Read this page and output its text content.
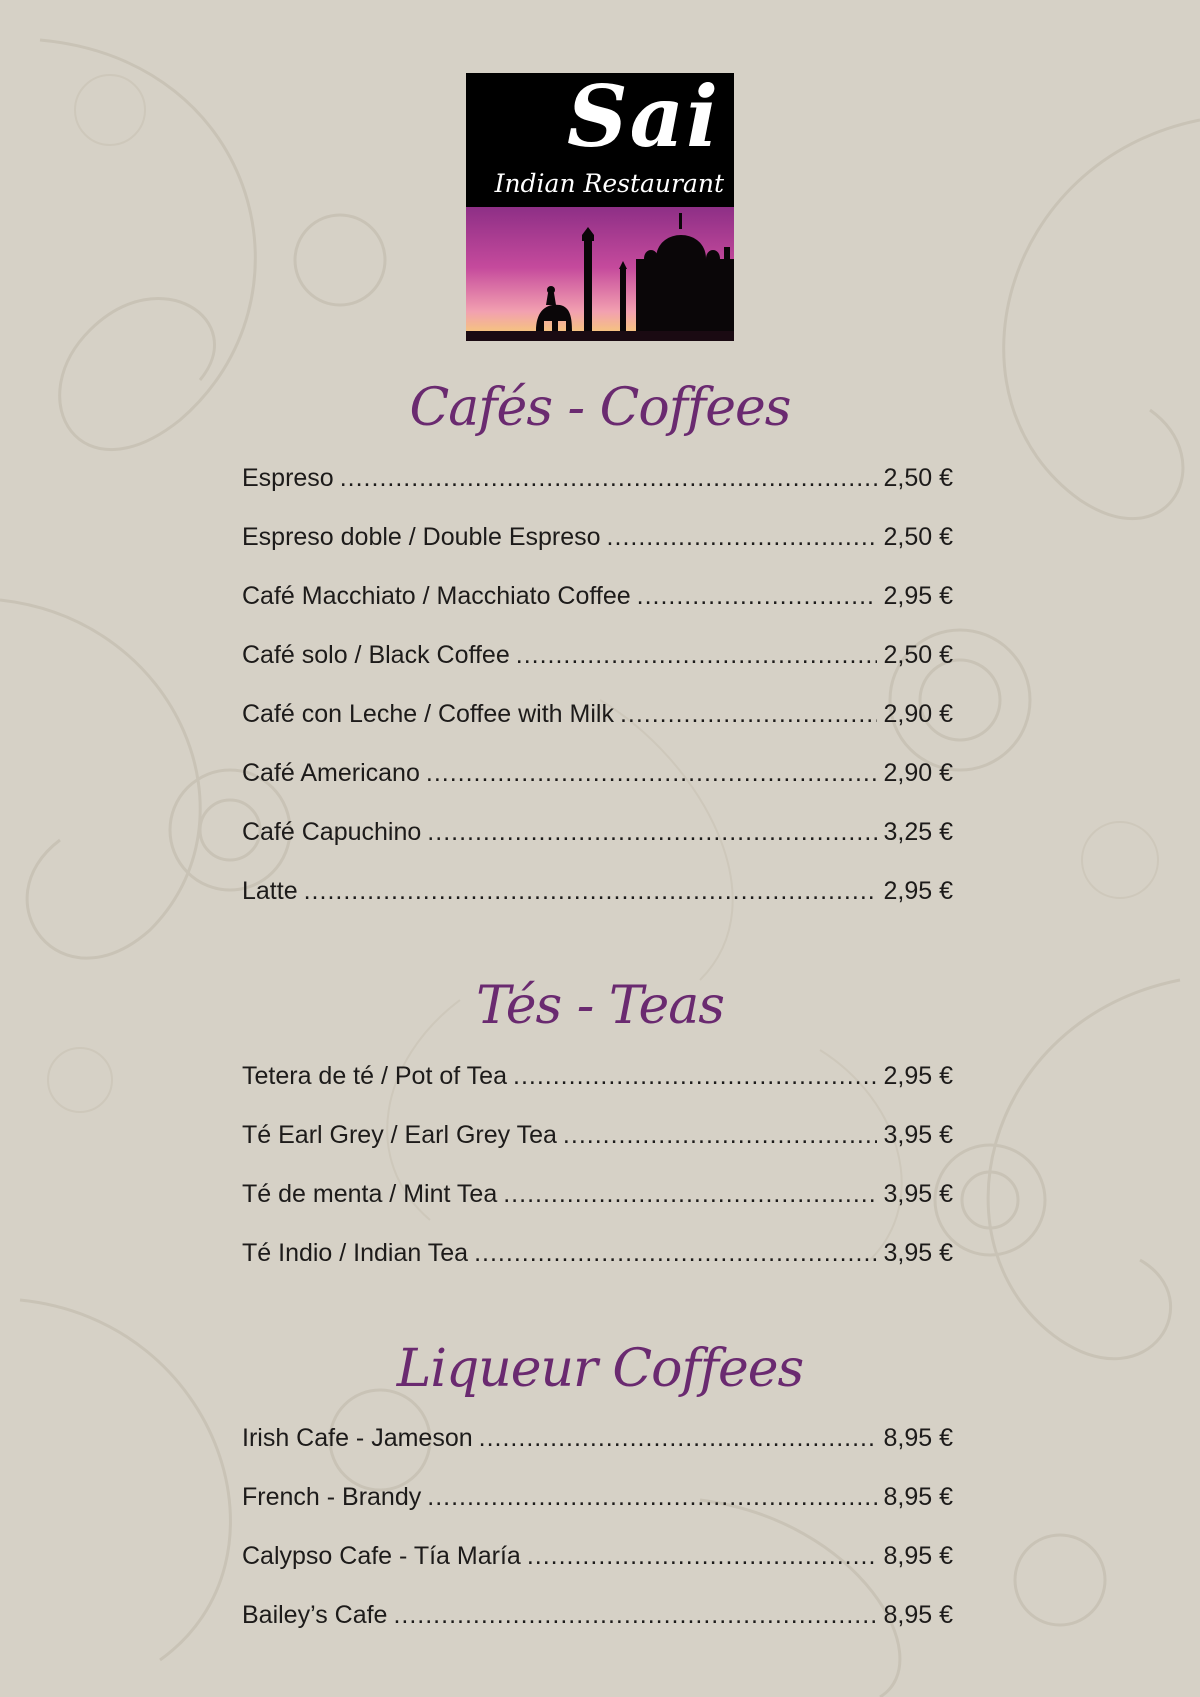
Sai
Indian Restaurant
Cafés - Coffees
Espreso .....	2,50 €
Espreso doble / Double Espreso .....	2,50 €
Café Macchiato / Macchiato Coffee .....	2,95 €
Café solo / Black Coffee .....	2,50 €
Café con Leche / Coffee with Milk .....	2,90 €
Café Americano .....	2,90 €
Café Capuchino .....	3,25 €
Latte .....	2,95 €
Tés - Teas
Tetera de té / Pot of Tea .....	2,95 €
Té Earl Grey / Earl Grey Tea .....	3,95 €
Té de menta / Mint Tea .....	3,95 €
Té Indio / Indian Tea .....	3,95 €
Liqueur Coffees
Irish Cafe - Jameson .....	8,95 €
French - Brandy .....	8,95 €
Calypso Cafe - Tía María .....	8,95 €
Bailey’s Cafe .....	8,95 €
